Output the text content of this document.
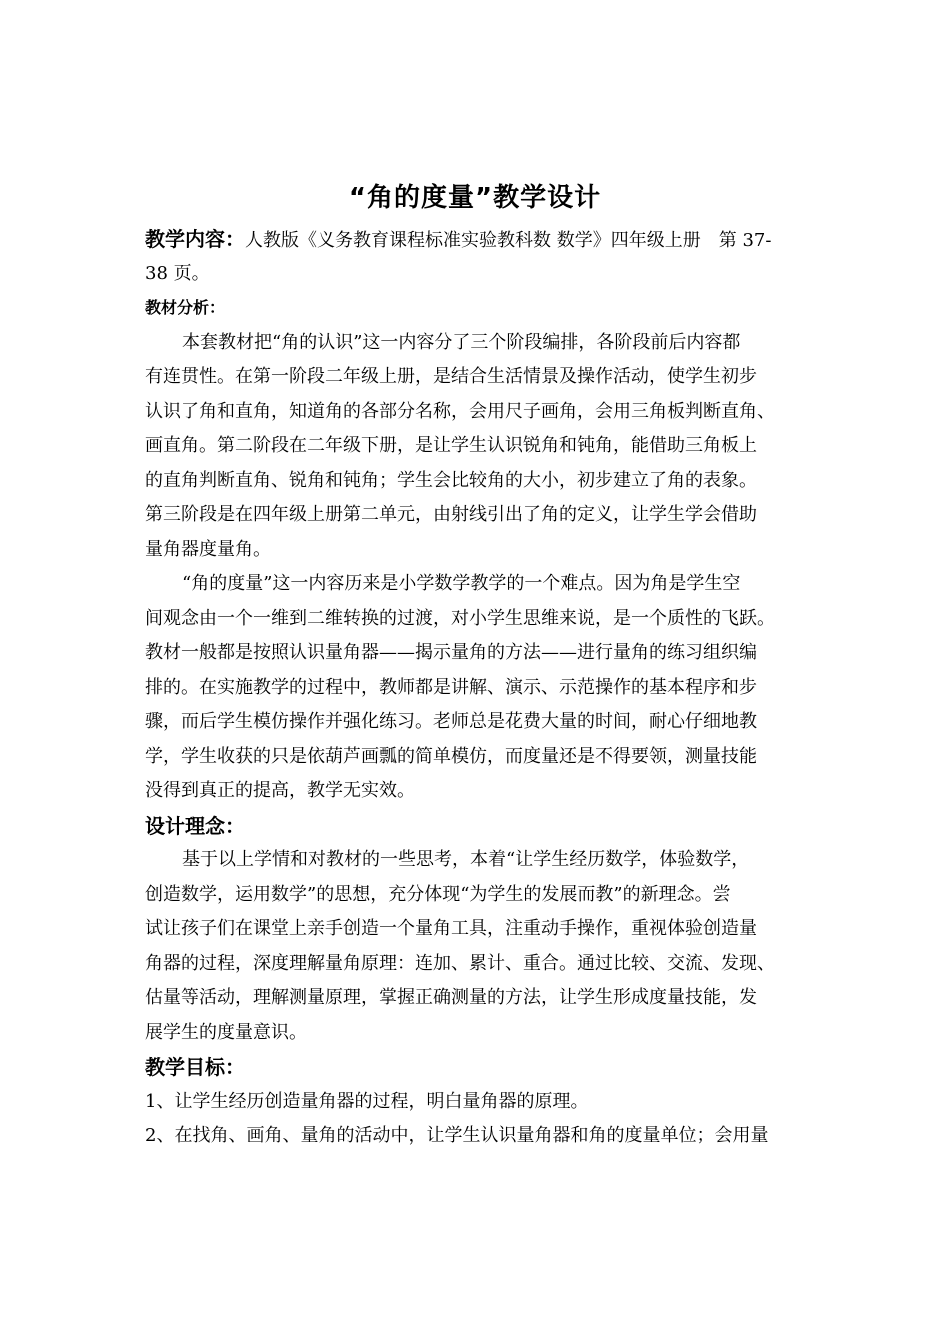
“角的度量”教学设计
教学内容：人教版《义务教育课程标准实验教科数 数学》四年级上册　第 37-
38 页。
教材分析：
本套教材把“角的认识”这一内容分了三个阶段编排，各阶段前后内容都
有连贯性。在第一阶段二年级上册，是结合生活情景及操作活动，使学生初步
认识了角和直角，知道角的各部分名称，会用尺子画角，会用三角板判断直角、
画直角。第二阶段在二年级下册，是让学生认识锐角和钝角，能借助三角板上
的直角判断直角、锐角和钝角；学生会比较角的大小，初步建立了角的表象。
第三阶段是在四年级上册第二单元，由射线引出了角的定义，让学生学会借助
量角器度量角。
“角的度量”这一内容历来是小学数学教学的一个难点。因为角是学生空
间观念由一个一维到二维转换的过渡，对小学生思维来说，是一个质性的飞跃。
教材一般都是按照认识量角器——揭示量角的方法——进行量角的练习组织编
排的。在实施教学的过程中，教师都是讲解、演示、示范操作的基本程序和步
骤，而后学生模仿操作并强化练习。老师总是花费大量的时间，耐心仔细地教
学，学生收获的只是依葫芦画瓢的简单模仿，而度量还是不得要领，测量技能
没得到真正的提高，教学无实效。
设计理念：
基于以上学情和对教材的一些思考，本着“让学生经历数学，体验数学，
创造数学，运用数学”的思想，充分体现“为学生的发展而教”的新理念。尝
试让孩子们在课堂上亲手创造一个量角工具，注重动手操作，重视体验创造量
角器的过程，深度理解量角原理：连加、累计、重合。通过比较、交流、发现、
估量等活动，理解测量原理，掌握正确测量的方法，让学生形成度量技能，发
展学生的度量意识。
教学目标：
1、让学生经历创造量角器的过程，明白量角器的原理。
2、在找角、画角、量角的活动中，让学生认识量角器和角的度量单位；会用量
